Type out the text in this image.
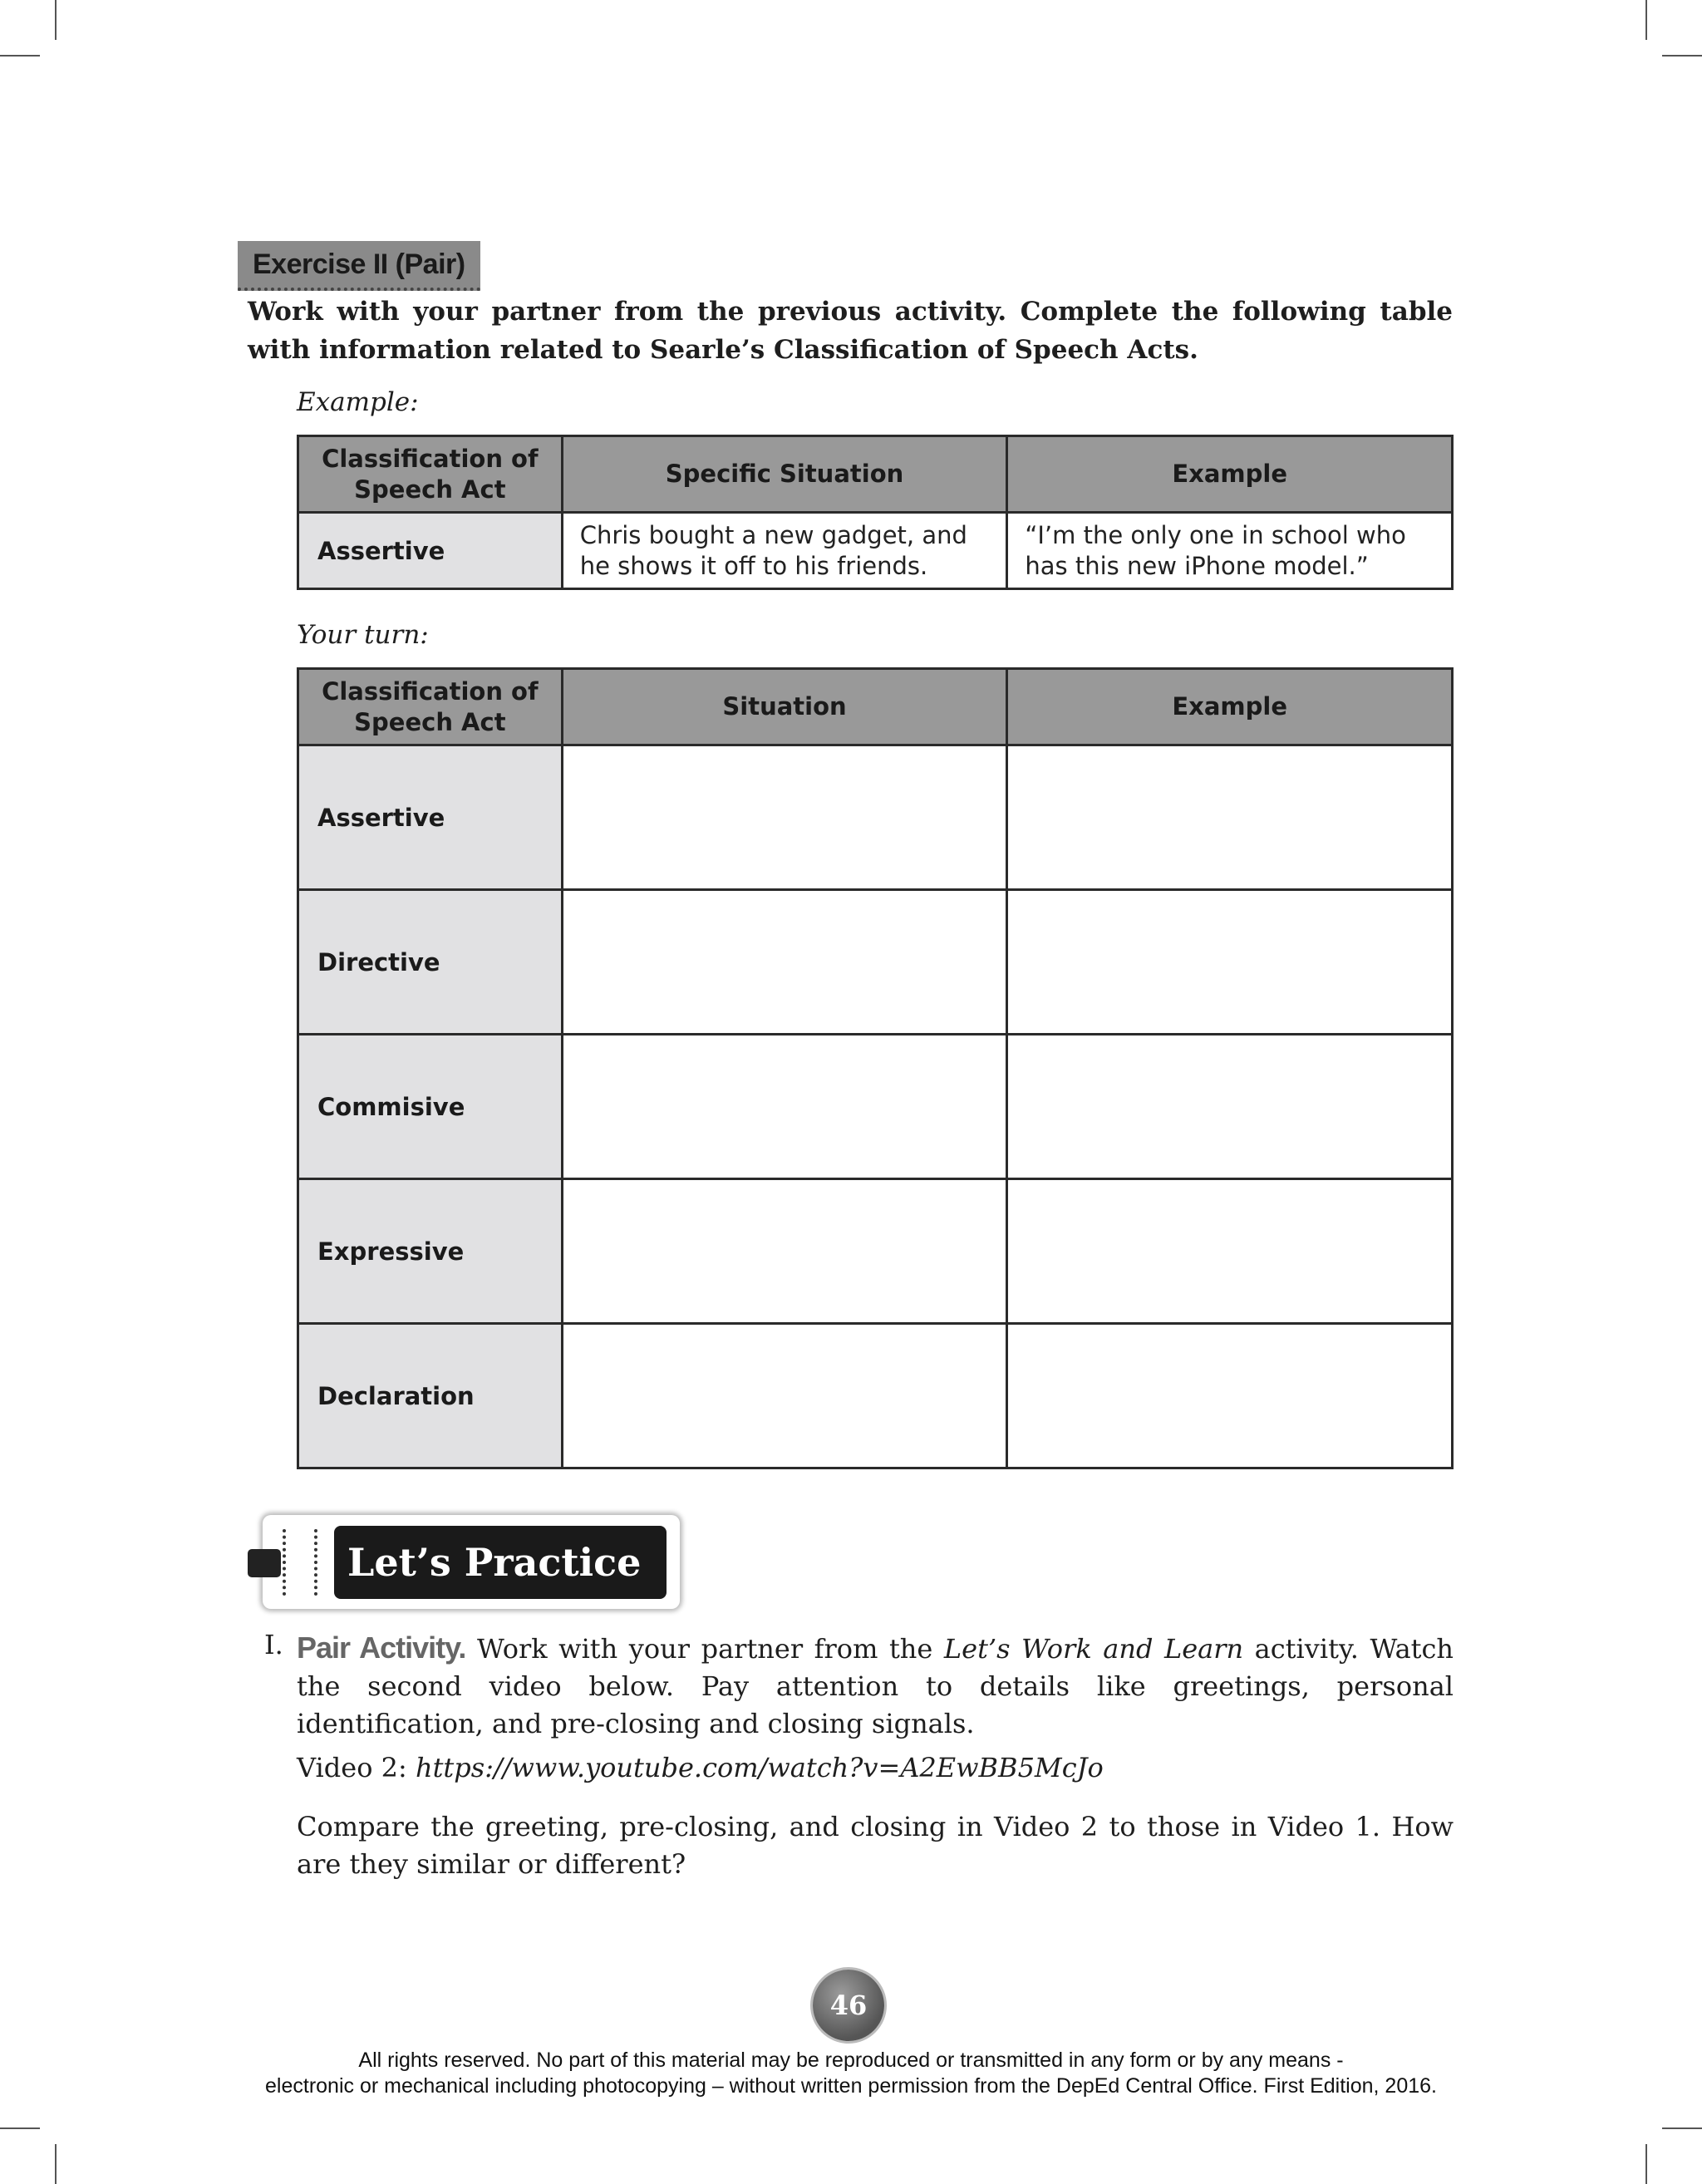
Exercise II (Pair)
Work with your partner from the previous activity. Complete the following table with information related to Searle’s Classification of Speech Acts.
Example:
Classification of Speech Act	Specific Situation	Example
Assertive	Chris bought a new gadget, and he shows it off to his friends.	“I’m the only one in school who has this new iPhone model.”
Your turn:
Classification of Speech Act	Situation	Example
Assertive		
Directive		
Commisive		
Expressive		
Declaration		
Let’s Practice
I. Pair Activity. Work with your partner from the Let’s Work and Learn activity. Watch the second video below. Pay attention to details like greetings, personal identification, and pre-closing and closing signals.
Video 2: https://www.youtube.com/watch?v=A2EwBB5McJo
Compare the greeting, pre-closing, and closing in Video 2 to those in Video 1. How are they similar or different?
46
All rights reserved. No part of this material may be reproduced or transmitted in any form or by any means -
electronic or mechanical including photocopying – without written permission from the DepEd Central Office. First Edition, 2016.
